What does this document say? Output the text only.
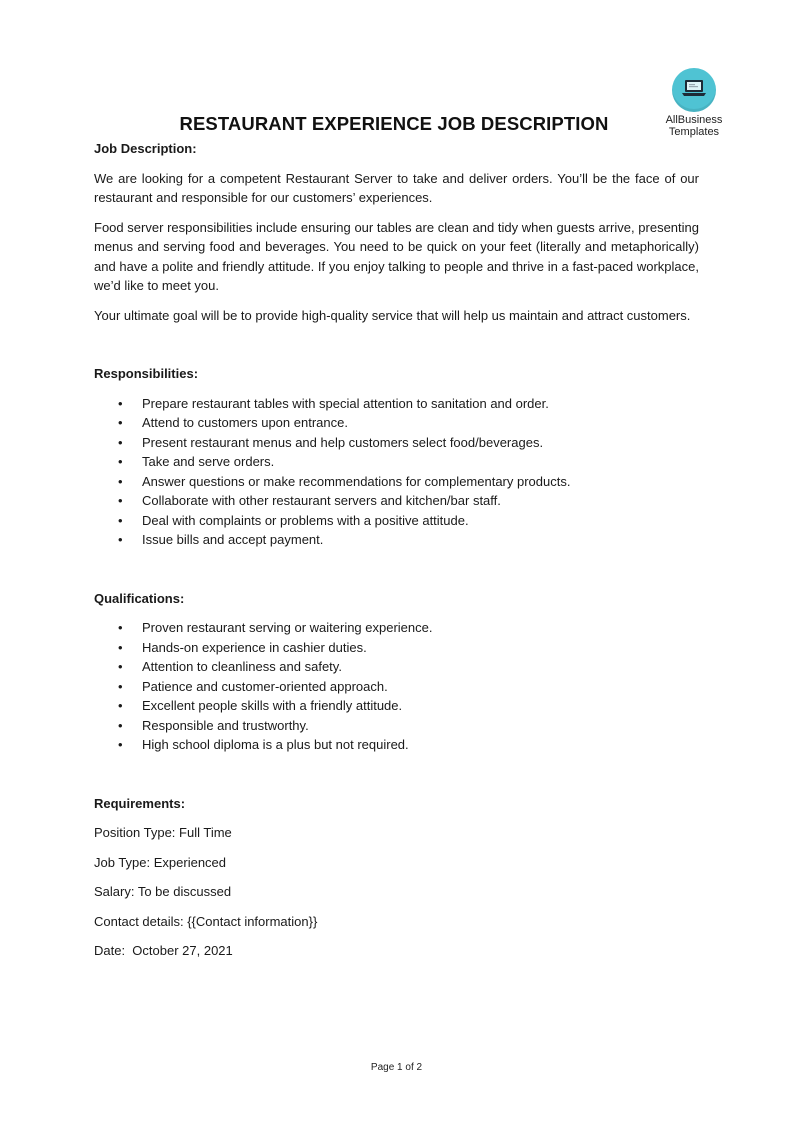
AllBusiness
Templates
RESTAURANT EXPERIENCE JOB DESCRIPTION

Job Description:

We are looking for a competent Restaurant Server to take and deliver orders. You’ll be the face of our restaurant and responsible for our customers’ experiences.

Food server responsibilities include ensuring our tables are clean and tidy when guests arrive, presenting menus and serving food and beverages. You need to be quick on your feet (literally and metaphorically) and have a polite and friendly attitude. If you enjoy talking to people and thrive in a fast-paced workplace, we’d like to meet you.

Your ultimate goal will be to provide high-quality service that will help us maintain and attract customers.

Responsibilities:

• Prepare restaurant tables with special attention to sanitation and order.
• Attend to customers upon entrance.
• Present restaurant menus and help customers select food/beverages.
• Take and serve orders.
• Answer questions or make recommendations for complementary products.
• Collaborate with other restaurant servers and kitchen/bar staff.
• Deal with complaints or problems with a positive attitude.
• Issue bills and accept payment.

Qualifications:

• Proven restaurant serving or waitering experience.
• Hands-on experience in cashier duties.
• Attention to cleanliness and safety.
• Patience and customer-oriented approach.
• Excellent people skills with a friendly attitude.
• Responsible and trustworthy.
• High school diploma is a plus but not required.

Requirements:

Position Type: Full Time

Job Type: Experienced

Salary: To be discussed

Contact details: {{Contact information}}

Date:  October 27, 2021

Page 1 of 2
